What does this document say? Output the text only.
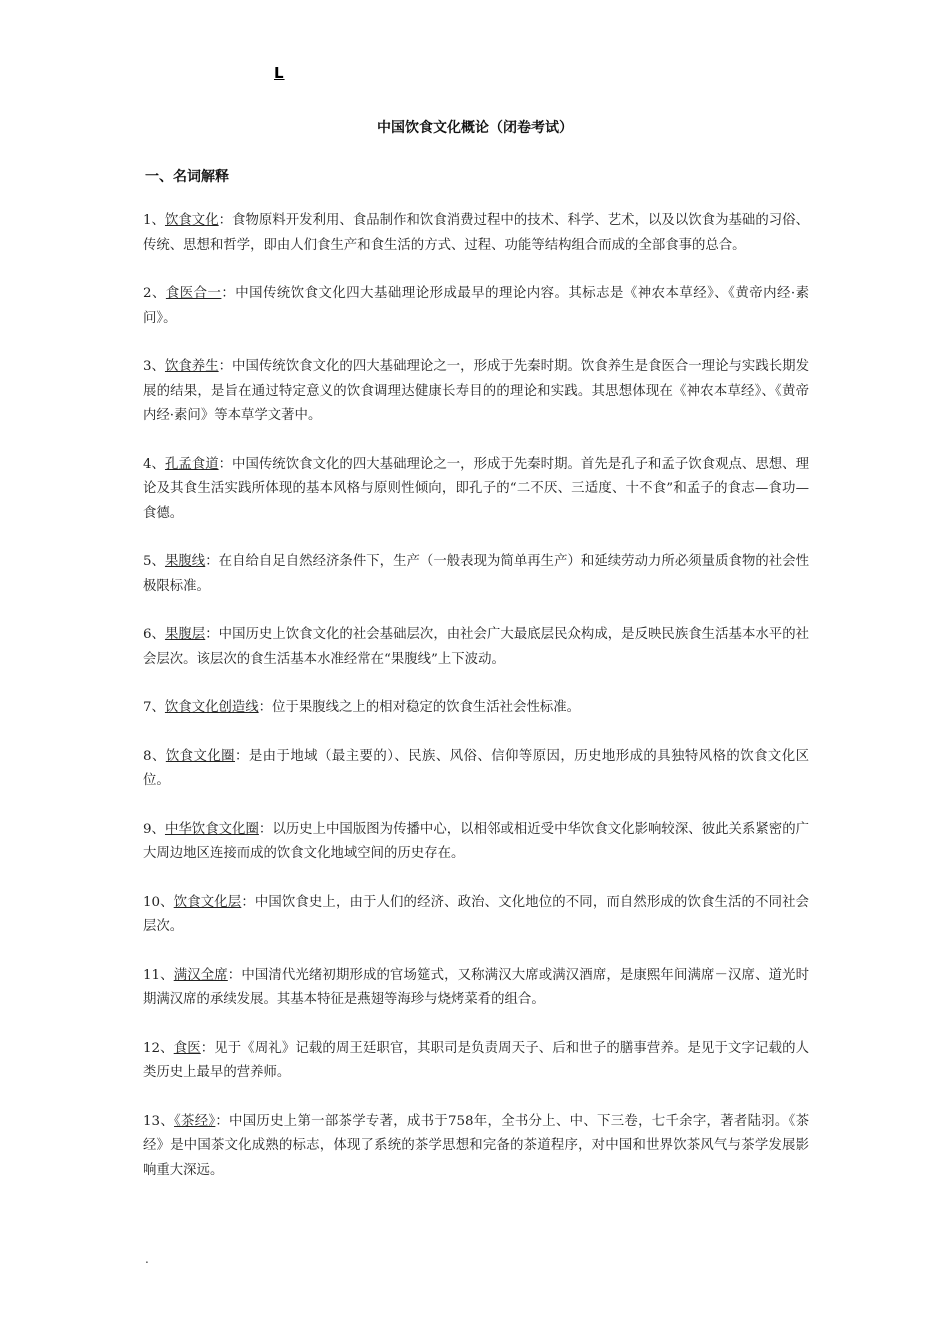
L
中国饮食文化概论（闭卷考试）
一、名词解释

1、饮食文化：食物原料开发利用、食品制作和饮食消费过程中的技术、科学、艺术，以及以饮食为基础的习俗、传统、思想和哲学，即由人们食生产和食生活的方式、过程、功能等结构组合而成的全部食事的总合。

2、食医合一：中国传统饮食文化四大基础理论形成最早的理论内容。其标志是《神农本草经》、《黄帝内经·素问》。

3、饮食养生：中国传统饮食文化的四大基础理论之一，形成于先秦时期。饮食养生是食医合一理论与实践长期发展的结果，是旨在通过特定意义的饮食调理达健康长寿目的的理论和实践。其思想体现在《神农本草经》、《黄帝内经·素问》等本草学文著中。

4、孔孟食道：中国传统饮食文化的四大基础理论之一，形成于先秦时期。首先是孔子和孟子饮食观点、思想、理论及其食生活实践所体现的基本风格与原则性倾向，即孔子的“二不厌、三适度、十不食”和孟子的食志—食功—食德。

5、果腹线：在自给自足自然经济条件下，生产（一般表现为简单再生产）和延续劳动力所必须量质食物的社会性极限标准。

6、果腹层：中国历史上饮食文化的社会基础层次，由社会广大最底层民众构成，是反映民族食生活基本水平的社会层次。该层次的食生活基本水准经常在“果腹线”上下波动。

7、饮食文化创造线：位于果腹线之上的相对稳定的饮食生活社会性标准。

8、饮食文化圈：是由于地域（最主要的）、民族、风俗、信仰等原因，历史地形成的具独特风格的饮食文化区位。

9、中华饮食文化圈：以历史上中国版图为传播中心，以相邻或相近受中华饮食文化影响较深、彼此关系紧密的广大周边地区连接而成的饮食文化地域空间的历史存在。

10、饮食文化层：中国饮食史上，由于人们的经济、政治、文化地位的不同，而自然形成的饮食生活的不同社会层次。

11、满汉全席：中国清代光绪初期形成的官场筵式，又称满汉大席或满汉酒席，是康熙年间满席－汉席、道光时期满汉席的承续发展。其基本特征是燕翅等海珍与烧烤菜肴的组合。

12、食医：见于《周礼》记载的周王廷职官，其职司是负责周天子、后和世子的膳事营养。是见于文字记载的人类历史上最早的营养师。

13、《茶经》：中国历史上第一部茶学专著，成书于758年，全书分上、中、下三卷，七千余字，著者陆羽。《茶经》是中国茶文化成熟的标志，体现了系统的茶学思想和完备的茶道程序，对中国和世界饮茶风气与茶学发展影响重大深远。

.
